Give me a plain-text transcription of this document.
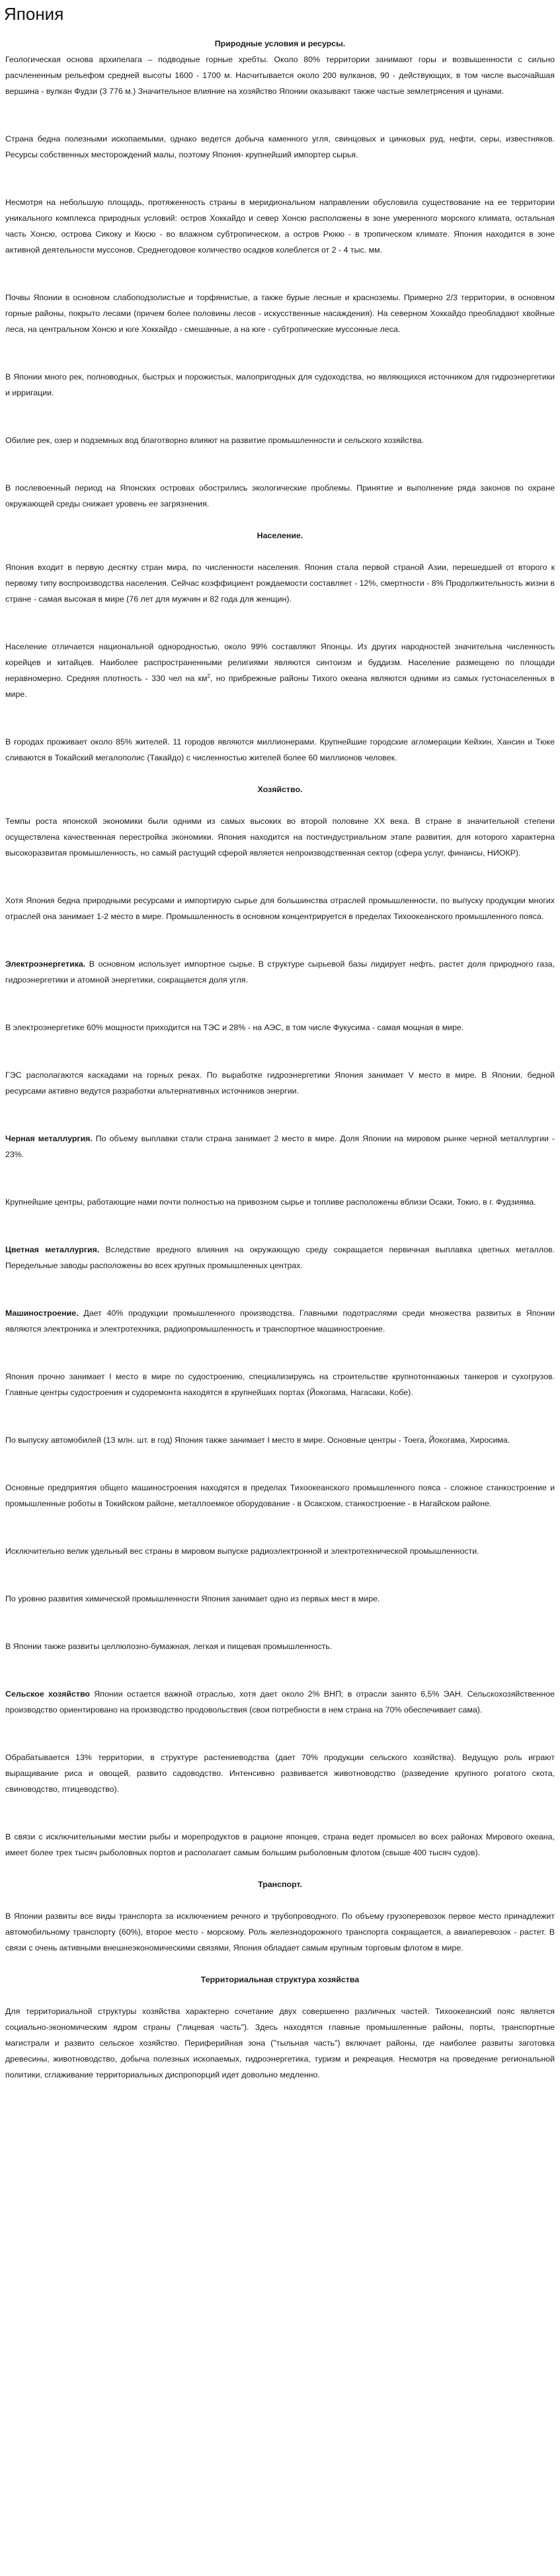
Япония

Природные условия и ресурсы.

Геологическая основа архипелага – подводные горные хребты. Около 80% территории занимают горы и возвышенности с сильно расчлененным рельефом средней высоты 1600 - 1700 м. Насчитывается около 200 вулканов, 90 - действующих, в том числе высочайшая вершина - вулкан Фудзи (3 776 м.) Значительное влияние на хозяйство Японии оказывают также частые землетрясения и цунами.

Страна бедна полезными ископаемыми, однако ведется добыча каменного угля, свинцовых и цинковых руд, нефти, серы, известняков. Ресурсы собственных месторождений малы, поэтому Япония- крупнейший импортер сырья.

Несмотря на небольшую площадь, протяженность страны в меридиональном направлении обусловила существование на ее территории уникального комплекса природных условий: остров Хоккайдо и север Хонсю расположены в зоне умеренного морского климата, остальная часть Хонсю, острова Сикоку и Кюсю - во влажном субтропическом, а остров Рюкю - в тропическом климате. Япония находится в зоне активной деятельности муссонов. Среднегодовое количество осадков колеблется от 2 - 4 тыс. мм.

Почвы Японии в основном слабоподзолистые и торфянистые, а также бурые лесные и красноземы. Примерно 2/3 территории, в основном горные районы, покрыто лесами (причем более половины лесов - искусственные насаждения). На северном Хоккайдо преобладают хвойные леса, на центральном Хонсю и юге Хоккайдо - смешанные, а на юге - субтропические муссонные леса.

В Японии много рек, полноводных, быстрых и порожистых, малопригодных для судоходства, но являющихся источником для гидроэнергетики и ирригации.

Обилие рек, озер и подземных вод благотворно влияют на развитие промышленности и сельского хозяйства.

В послевоенный период на Японских островах обострились экологические проблемы. Принятие и выполнение ряда законов по охране окружающей среды снижает уровень ее загрязнения.

Население.

Япония входит в первую десятку стран мира, по численности населения. Япония стала первой страной Азии, перешедшей от второго к первому типу воспроизводства населения. Сейчас коэффициент рождаемости составляет - 12%, смертности - 8% Продолжительность жизни в стране - самая высокая в мире (76 лет для мужчин и 82 года для женщин).

Население отличается национальной однородностью, около 99% составляют Японцы. Из других народностей значительна численность корейцев и китайцев. Наиболее распространенными религиями являются синтоизм и буддизм. Население размещено по площади неравномерно. Средняя плотность - 330 чел на $км^2$, но прибрежные районы Тихого океана являются одними из самых густонаселенных в мире.

В городах проживает около 85% жителей. 11 городов являются миллионерами. Крупнейшие городские агломерации Кейхин, Хансин и Тюке сливаются в Токайский мегалополис (Такайдо) с численностью жителей более 60 миллионов человек.

Хозяйство.

Темпы роста японской экономики были одними из самых высоких во второй половине XX века. В стране в значительной степени осуществлена качественная перестройка экономики. Япония находится на постиндустриальном этапе развития, для которого характерна высокоразвитая промышленность, но самый растущий сферой является непроизводственная сектор (сфера услуг, финансы, НИОКР).

Хотя Япония бедна природными ресурсами и импортирую сырье для большинства отраслей промышленности, по выпуску продукции многих отраслей она занимает 1-2 место в мире. Промышленность в основном концентрируется в пределах Тихоокеанского промышленного пояса.

Электроэнергетика. В основном использует импортное сырье. В структуре сырьевой базы лидирует нефть, растет доля природного газа, гидроэнергетики и атомной энергетики, сокращается доля угля.

В электроэнергетике 60% мощности приходится на ТЭС и 28% - на АЭС, в том числе Фукусима - самая мощная в мире.

ГЭС располагаются каскадами на горных реках. По выработке гидроэнергетики Япония занимает V место в мире. В Японии, бедной ресурсами активно ведутся разработки альтернативных источников энергии.

Черная металлургия. По объему выплавки стали страна занимает 2 место в мире. Доля Японии на мировом рынке черной металлургии - 23%.

Крупнейшие центры, работающие нами почти полностью на привозном сырье и топливе расположены вблизи Осаки, Токио, в г. Фудзияма.

Цветная металлургия. Вследствие вредного влияния на окружающую среду сокращается первичная выплавка цветных металлов. Передельные заводы расположены во всех крупных промышленных центрах.

Машиностроение. Дает 40% продукции промышленного производства. Главными подотраслями среди множества развитых в Японии являются электроника и электротехника, радиопромышленность и транспортное машиностроение.

Япония прочно занимает I место в мире по судостроению, специализируясь на строительстве крупнотоннажных танкеров и сухогрузов. Главные центры судостроения и судоремонта находятся в крупнейших портах (Йокогама, Нагасаки, Кобе).

По выпуску автомобилей (13 млн. шт. в год) Япония также занимает I место в мире. Основные центры - Тоега, Йокогама, Хиросима.

Основные предприятия общего машиностроения находятся в пределах Тихоокеанского промышленного пояса - сложное станкостроение и промышленные роботы в Токийском районе, металлоемкое оборудование - в Осакском, станкостроение - в Нагайском районе.

Исключительно велик удельный вес страны в мировом выпуске радиоэлектронной и электротехнической промышленности.

По уровню развития химической промышленности Япония занимает одно из первых мест в мире.

В Японии также развиты целлюлозно-бумажная, легкая и пищевая промышленность.

Сельское хозяйство Японии остается важной отраслью, хотя дает около 2% ВНП; в отрасли занято 6,5% ЭАН. Сельскохозяйственное производство ориентировано на производство продовольствия (свои потребности в нем страна на 70% обеспечивает сама).

Обрабатывается 13% территории, в структуре растениеводства (дает 70% продукции сельского хозяйства). Ведущую роль играют выращивание риса и овощей, развито садоводство. Интенсивно развивается животноводство (разведение крупного рогатого скота, свиноводство, птицеводство).

В связи с исключительными местии рыбы и морепродуктов в рационе японцев, страна ведет промысел во всех районах Мирового океана, имеет более трех тысяч рыболовных портов и располагает самым большим рыболовным флотом (свыше 400 тысяч судов).

Транспорт.

В Японии развиты все виды транспорта за исключением речного и трубопроводного. По объему грузоперевозок первое место принадлежит автомобильному транспорту (60%), второе место - морскому. Роль железнодорожного транспорта сокращается, а авиаперевозок - растет. В связи с очень активными внешнеэкономическими связями, Япония обладает самым крупным торговым флотом в мире.

Территориальная структура хозяйства

Для территориальной структуры хозяйства характерно сочетание двух совершенно различных частей. Тихоокеанский пояс является социально-экономическим ядром страны ("лицевая часть"). Здесь находятся главные промышленные районы, порты, транспортные магистрали и развито сельское хозяйство. Периферийная зона ("тыльная часть") включает районы, где наиболее развиты заготовка древесины, животноводство, добыча полезных ископаемых, гидроэнергетика, туризм и рекреация. Несмотря на проведение региональной политики, сглаживание территориальных диспропорций идет довольно медленно.
